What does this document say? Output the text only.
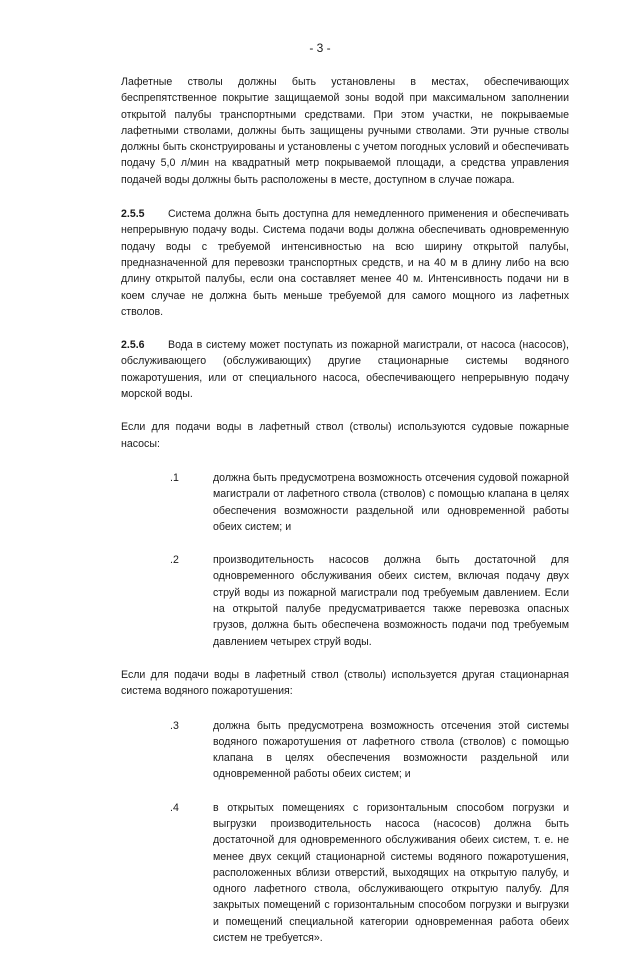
- 3 -

Лафетные стволы должны быть установлены в местах, обеспечивающих беспрепятственное покрытие защищаемой зоны водой при максимальном заполнении открытой палубы транспортными средствами. При этом участки, не покрываемые лафетными стволами, должны быть защищены ручными стволами. Эти ручные стволы должны быть сконструированы и установлены с учетом погодных условий и обеспечивать подачу 5,0 л/мин на квадратный метр покрываемой площади, а средства управления подачей воды должны быть расположены в месте, доступном в случае пожара.

2.5.5 Система должна быть доступна для немедленного применения и обеспечивать непрерывную подачу воды. Система подачи воды должна обеспечивать одновременную подачу воды с требуемой интенсивностью на всю ширину открытой палубы, предназначенной для перевозки транспортных средств, и на 40 м в длину либо на всю длину открытой палубы, если она составляет менее 40 м. Интенсивность подачи ни в коем случае не должна быть меньше требуемой для самого мощного из лафетных стволов.

2.5.6 Вода в систему может поступать из пожарной магистрали, от насоса (насосов), обслуживающего (обслуживающих) другие стационарные системы водяного пожаротушения, или от специального насоса, обеспечивающего непрерывную подачу морской воды.

Если для подачи воды в лафетный ствол (стволы) используются судовые пожарные насосы:

.1	должна быть предусмотрена возможность отсечения судовой пожарной магистрали от лафетного ствола (стволов) с помощью клапана в целях обеспечения возможности раздельной или одновременной работы обеих систем; и
.2	производительность насосов должна быть достаточной для одновременного обслуживания обеих систем, включая подачу двух струй воды из пожарной магистрали под требуемым давлением. Если на открытой палубе предусматривается также перевозка опасных грузов, должна быть обеспечена возможность подачи под требуемым давлением четырех струй воды.

Если для подачи воды в лафетный ствол (стволы) используется другая стационарная система водяного пожаротушения:

.3	должна быть предусмотрена возможность отсечения этой системы водяного пожаротушения от лафетного ствола (стволов) с помощью клапана в целях обеспечения возможности раздельной или одновременной работы обеих систем; и
.4	в открытых помещениях с горизонтальным способом погрузки и выгрузки производительность насоса (насосов) должна быть достаточной для одновременного обслуживания обеих систем, т. е. не менее двух секций стационарной системы водяного пожаротушения, расположенных вблизи отверстий, выходящих на открытую палубу, и одного лафетного ствола, обслуживающего открытую палубу. Для закрытых помещений с горизонтальным способом погрузки и выгрузки и помещений специальной категории одновременная работа обеих систем не требуется».
